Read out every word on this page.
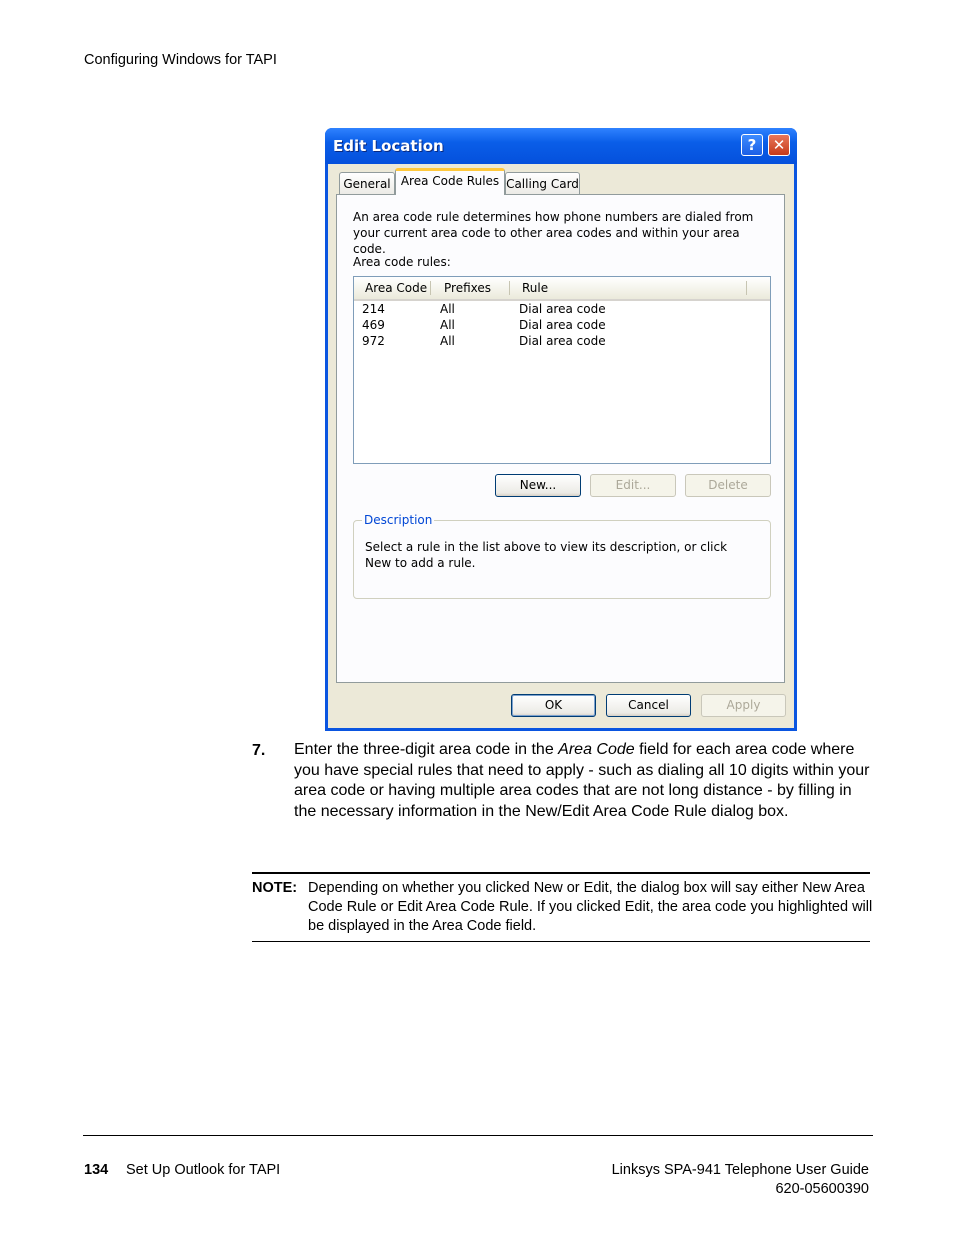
Configuring Windows for TAPI
Edit Location	?	✕
General Area Code Rules Calling Card
An area code rule determines how phone numbers are dialed from your current area code to other area codes and within your area code.
Area code rules:
Area Code Prefixes	Rule
214	All	Dial area code
469	All	Dial area code
972	All	Dial area code
New...	Edit...	Delete
Description
Select a rule in the list above to view its description, or click New to add a rule.
OK	Cancel	Apply
7. Enter the three-digit area code in the Area Code field for each area code where you have special rules that need to apply - such as dialing all 10 digits within your area code or having multiple area codes that are not long distance - by filling in the necessary information in the New/Edit Area Code Rule dialog box.
NOTE: Depending on whether you clicked New or Edit, the dialog box will say either New Area Code Rule or Edit Area Code Rule. If you clicked Edit, the area code you highlighted will be displayed in the Area Code field.
134 Set Up Outlook for TAPI	Linksys SPA-941 Telephone User Guide
620-05600390
